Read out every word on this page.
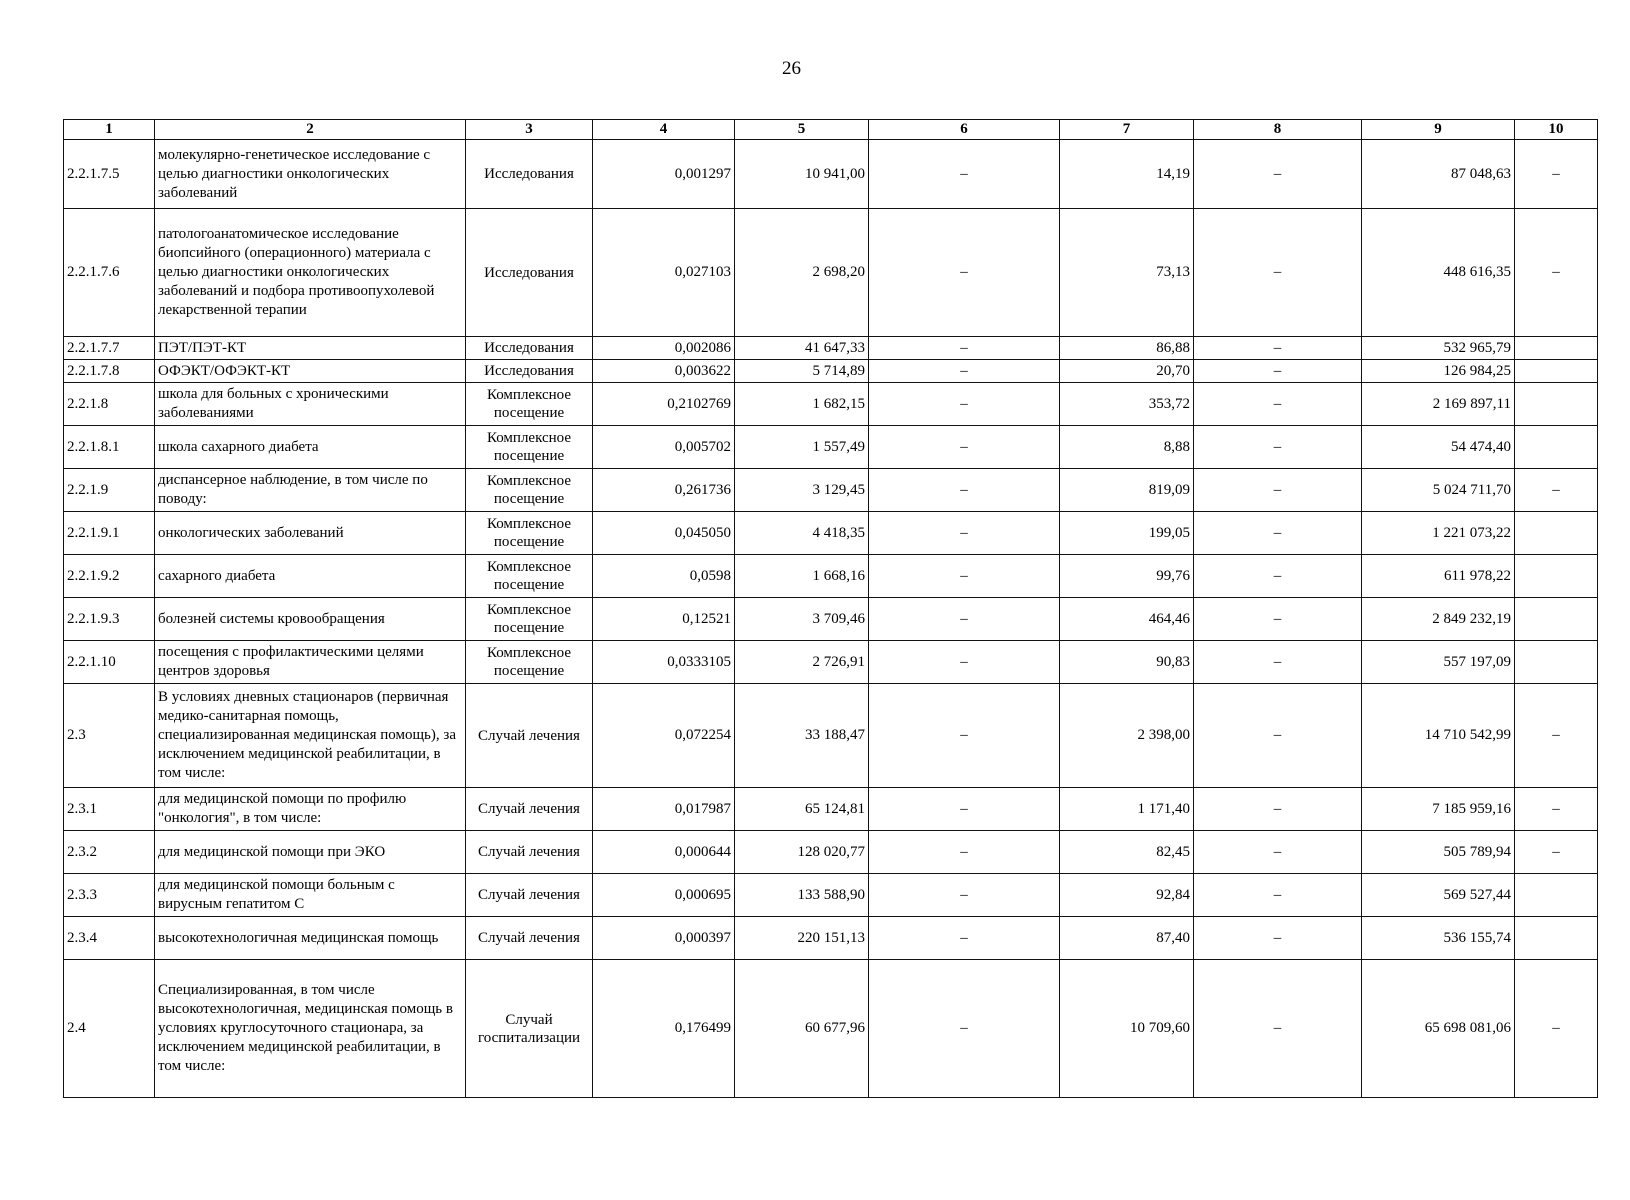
26
1	2	3	4	5	6	7	8	9	10
2.2.1.7.5	молекулярно-генетическое исследование с целью диагностики онкологических заболеваний	Исследования	0,001297	10 941,00	–	14,19	–	87 048,63	–
2.2.1.7.6	патологоанатомическое исследование биопсийного (операционного) материала с целью диагностики онкологических заболеваний и подбора противоопухолевой лекарственной терапии	Исследования	0,027103	2 698,20	–	73,13	–	448 616,35	–
2.2.1.7.7	ПЭТ/ПЭТ-КТ	Исследования	0,002086	41 647,33	–	86,88	–	532 965,79	
2.2.1.7.8	ОФЭКТ/ОФЭКТ-КТ	Исследования	0,003622	5 714,89	–	20,70	–	126 984,25	
2.2.1.8	школа для больных с хроническими заболеваниями	Комплексное посещение	0,2102769	1 682,15	–	353,72	–	2 169 897,11	
2.2.1.8.1	школа сахарного диабета	Комплексное посещение	0,005702	1 557,49	–	8,88	–	54 474,40	
2.2.1.9	диспансерное наблюдение, в том числе по поводу:	Комплексное посещение	0,261736	3 129,45	–	819,09	–	5 024 711,70	–
2.2.1.9.1	онкологических заболеваний	Комплексное посещение	0,045050	4 418,35	–	199,05	–	1 221 073,22	
2.2.1.9.2	сахарного диабета	Комплексное посещение	0,0598	1 668,16	–	99,76	–	611 978,22	
2.2.1.9.3	болезней системы кровообращения	Комплексное посещение	0,12521	3 709,46	–	464,46	–	2 849 232,19	
2.2.1.10	посещения с профилактическими целями центров здоровья	Комплексное посещение	0,0333105	2 726,91	–	90,83	–	557 197,09	
2.3	В условиях дневных стационаров (первичная медико-санитарная помощь, специализированная медицинская помощь), за исключением медицинской реабилитации, в том числе:	Случай лечения	0,072254	33 188,47	–	2 398,00	–	14 710 542,99	–
2.3.1	для медицинской помощи по профилю "онкология", в том числе:	Случай лечения	0,017987	65 124,81	–	1 171,40	–	7 185 959,16	–
2.3.2	для медицинской помощи при ЭКО	Случай лечения	0,000644	128 020,77	–	82,45	–	505 789,94	–
2.3.3	для медицинской помощи больным с вирусным гепатитом С	Случай лечения	0,000695	133 588,90	–	92,84	–	569 527,44	
2.3.4	высокотехнологичная медицинская помощь	Случай лечения	0,000397	220 151,13	–	87,40	–	536 155,74	
2.4	Специализированная, в том числе высокотехнологичная, медицинская помощь в условиях круглосуточного стационара, за исключением медицинской реабилитации, в том числе:	Случай госпитализации	0,176499	60 677,96	–	10 709,60	–	65 698 081,06	–
